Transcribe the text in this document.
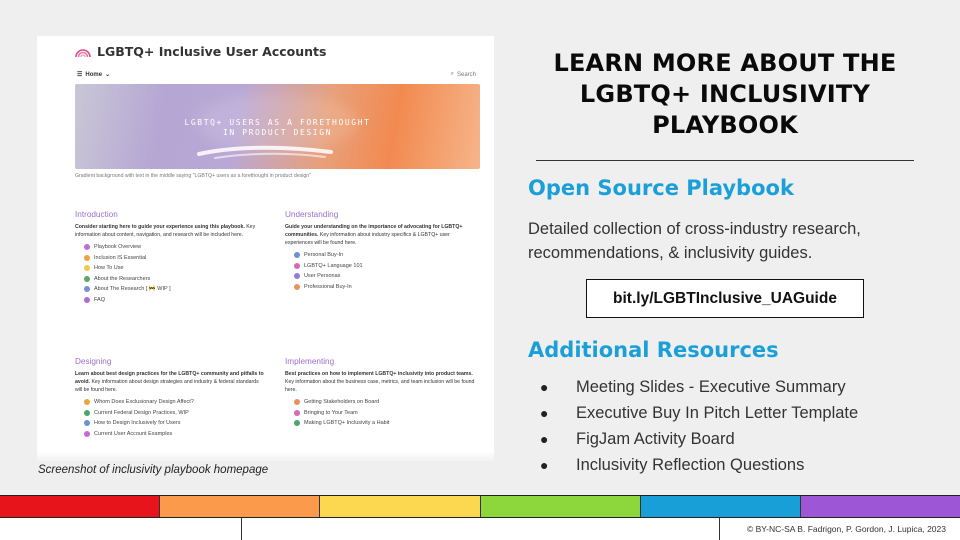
LGBTQ+ Inclusive User Accounts
☰ Home ⌄	⌕ Search
LGBTQ+ USERS AS A FORETHOUGHT
IN PRODUCT DESIGN
Gradient background with text in the middle saying "LGBTQ+ users as a forethought in product design"
Introduction
Consider starting here to guide your experience using this playbook. Key information about content, navigation, and research will be included here.
Playbook Overview
Inclusion IS Essential
How To Use
About the Researchers
About The Research [ 🚧 WIP ]
FAQ
Understanding
Guide your understanding on the importance of advocating for LGBTQ+ communities. Key information about industry specifics & LGBTQ+ user experiences will be found here.
Personal Buy-In
LGBTQ+ Language 101
User Personas
Professional Buy-In
Designing
Learn about best design practices for the LGBTQ+ community and pitfalls to avoid. Key information about design strategies and industry & federal standards will be found here.
Whom Does Exclusionary Design Affect?
Current Federal Design Practices, WIP
How to Design Inclusively for Users
Current User Account Examples
Implementing
Best practices on how to implement LGBTQ+ inclusivity into product teams. Key information about the business case, metrics, and team inclusion will be found here.
Getting Stakeholders on Board
Bringing to Your Team
Making LGBTQ+ Inclusivity a Habit
Screenshot of inclusivity playbook homepage
LEARN MORE ABOUT THE LGBTQ+ INCLUSIVITY PLAYBOOK
Open Source Playbook
Detailed collection of cross-industry research, recommendations, & inclusivity guides.
bit.ly/LGBTInclusive_UAGuide
Additional Resources
●	Meeting Slides - Executive Summary
●	Executive Buy In Pitch Letter Template
●	FigJam Activity Board
●	Inclusivity Reflection Questions
© BY-NC-SA B. Fadrigon, P. Gordon, J. Lupica, 2023
